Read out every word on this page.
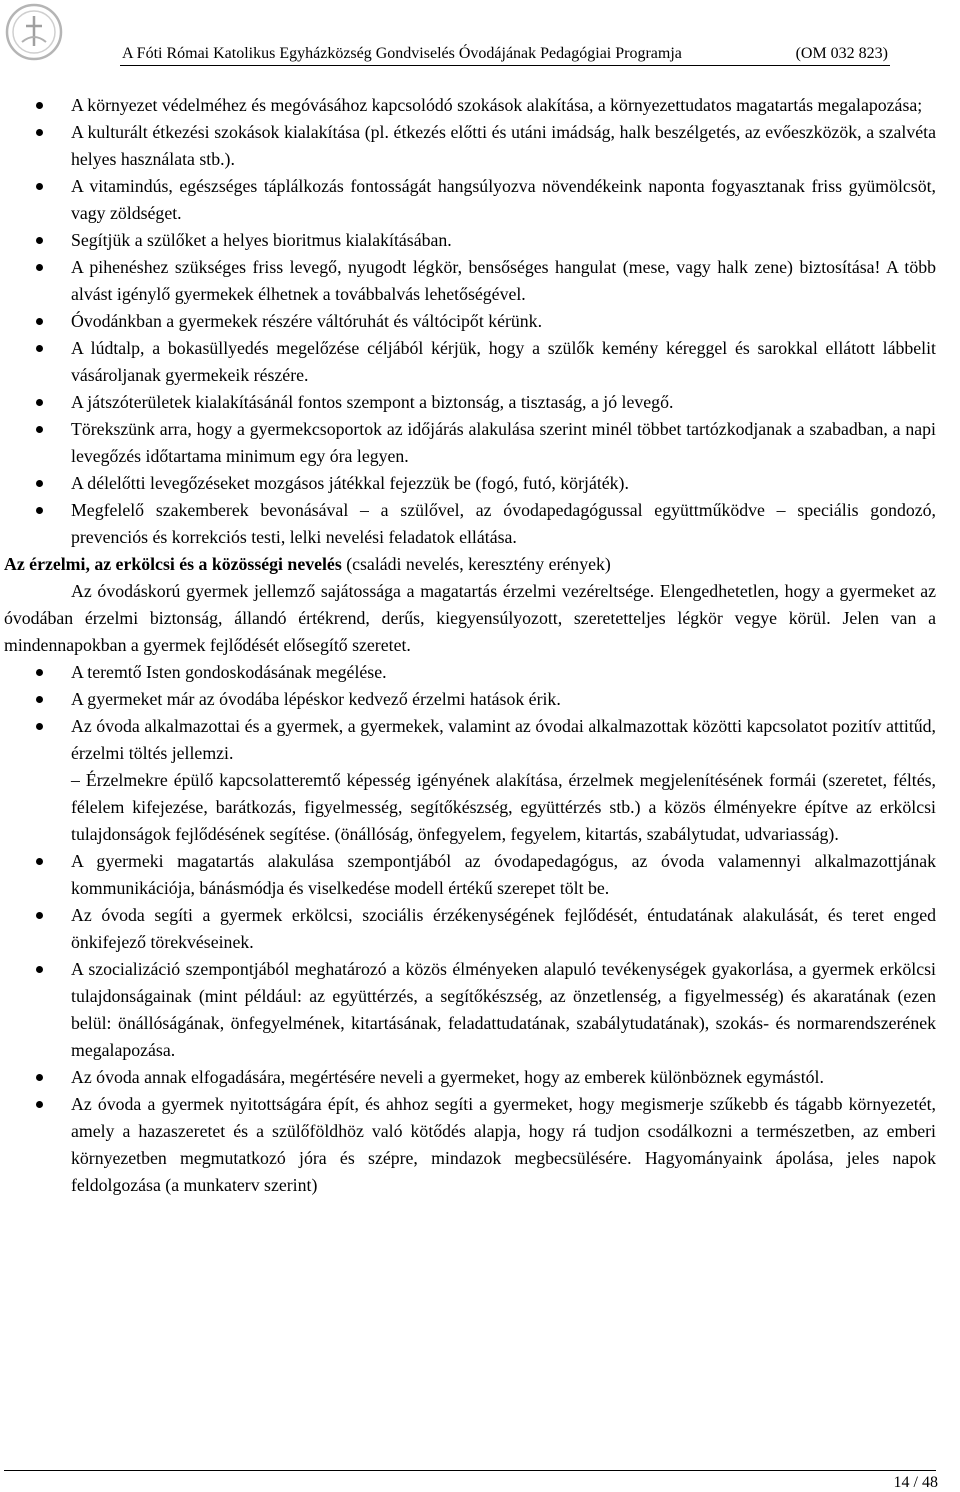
A Fóti Római Katolikus Egyházközség Gondviselés Óvodájának Pedagógiai Programja	(OM 032 823)
A környezet védelméhez és megóvásához kapcsolódó szokások alakítása, a környezettudatos magatartás megalapozása;
A kulturált étkezési szokások kialakítása (pl. étkezés előtti és utáni imádság, halk beszélgetés, az evőeszközök, a szalvéta helyes használata stb.).
A vitamindús, egészséges táplálkozás fontosságát hangsúlyozva növendékeink naponta fogyasztanak friss gyümölcsöt, vagy zöldséget.
Segítjük a szülőket a helyes bioritmus kialakításában.
A pihenéshez szükséges friss levegő, nyugodt légkör, bensőséges hangulat (mese, vagy halk zene) biztosítása! A több alvást igénylő gyermekek élhetnek a továbbalvás lehetőségével.
Óvodánkban a gyermekek részére váltóruhát és váltócipőt kérünk.
A lúdtalp, a bokasüllyedés megelőzése céljából kérjük, hogy a szülők kemény kéreggel és sarokkal ellátott lábbelit vásároljanak gyermekeik részére.
A játszóterületek kialakításánál fontos szempont a biztonság, a tisztaság, a jó levegő.
Törekszünk arra, hogy a gyermekcsoportok az időjárás alakulása szerint minél többet tartózkodjanak a szabadban, a napi levegőzés időtartama minimum egy óra legyen.
A délelőtti levegőzéseket mozgásos játékkal fejezzük be (fogó, futó, körjáték).
Megfelelő szakemberek bevonásával – a szülővel, az óvodapedagógussal együttműködve – speciális gondozó, prevenciós és korrekciós testi, lelki nevelési feladatok ellátása.
Az érzelmi, az erkölcsi és a közösségi nevelés (családi nevelés, keresztény erények)
Az óvodáskorú gyermek jellemző sajátossága a magatartás érzelmi vezéreltsége. Elengedhetetlen, hogy a gyermeket az óvodában érzelmi biztonság, állandó értékrend, derűs, kiegyensúlyozott, szeretetteljes légkör vegye körül. Jelen van a mindennapokban a gyermek fejlődését elősegítő szeretet.
A teremtő Isten gondoskodásának megélése.
A gyermeket már az óvodába lépéskor kedvező érzelmi hatások érik.
Az óvoda alkalmazottai és a gyermek, a gyermekek, valamint az óvodai alkalmazottak közötti kapcsolatot pozitív attitűd, érzelmi töltés jellemzi.
– Érzelmekre épülő kapcsolatteremtő képesség igényének alakítása, érzelmek megjelenítésének formái (szeretet, féltés, félelem kifejezése, barátkozás, figyelmesség, segítőkészség, együttérzés stb.) a közös élményekre építve az erkölcsi tulajdonságok fejlődésének segítése. (önállóság, önfegyelem, fegyelem, kitartás, szabálytudat, udvariasság).
A gyermeki magatartás alakulása szempontjából az óvodapedagógus, az óvoda valamennyi alkalmazottjának kommunikációja, bánásmódja és viselkedése modell értékű szerepet tölt be.
Az óvoda segíti a gyermek erkölcsi, szociális érzékenységének fejlődését, éntudatának alakulását, és teret enged önkifejező törekvéseinek.
A szocializáció szempontjából meghatározó a közös élményeken alapuló tevékenységek gyakorlása, a gyermek erkölcsi tulajdonságainak (mint például: az együttérzés, a segítőkészség, az önzetlenség, a figyelmesség) és akaratának (ezen belül: önállóságának, önfegyelmének, kitartásának, feladattudatának, szabálytudatának), szokás- és normarendszerének megalapozása.
Az óvoda annak elfogadására, megértésére neveli a gyermeket, hogy az emberek különböznek egymástól.
Az óvoda a gyermek nyitottságára épít, és ahhoz segíti a gyermeket, hogy megismerje szűkebb és tágabb környezetét, amely a hazaszeretet és a szülőföldhöz való kötődés alapja, hogy rá tudjon csodálkozni a természetben, az emberi környezetben megmutatkozó jóra és szépre, mindazok megbecsülésére. Hagyományaink ápolása, jeles napok feldolgozása (a munkaterv szerint)
14 / 48
